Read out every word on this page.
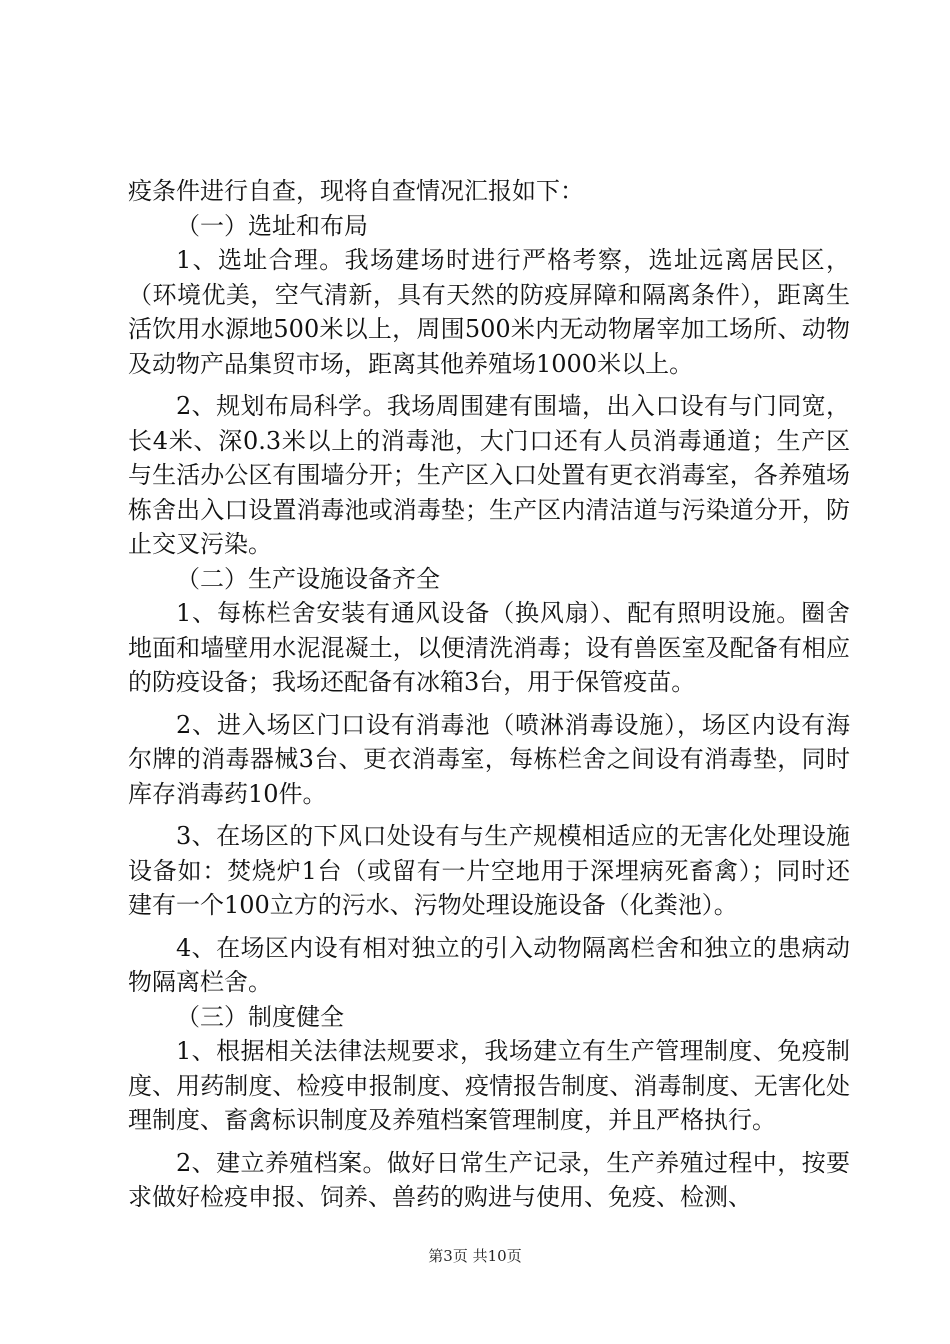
疫条件进行自查，现将自查情况汇报如下：

（一）选址和布局

1、选址合理。我场建场时进行严格考察，选址远离居民区，（环境优美，空气清新，具有天然的防疫屏障和隔离条件），距离生活饮用水源地500米以上，周围500米内无动物屠宰加工场所、动物及动物产品集贸市场，距离其他养殖场1000米以上。

2、规划布局科学。我场周围建有围墙，出入口设有与门同宽，长4米、深0.3米以上的消毒池，大门口还有人员消毒通道；生产区与生活办公区有围墙分开；生产区入口处置有更衣消毒室，各养殖场栋舍出入口设置消毒池或消毒垫；生产区内清洁道与污染道分开，防止交叉污染。

（二）生产设施设备齐全

1、每栋栏舍安装有通风设备（换风扇）、配有照明设施。圈舍地面和墙壁用水泥混凝土，以便清洗消毒；设有兽医室及配备有相应的防疫设备；我场还配备有冰箱3台，用于保管疫苗。

2、进入场区门口设有消毒池（喷淋消毒设施），场区内设有海尔牌的消毒器械3台、更衣消毒室，每栋栏舍之间设有消毒垫，同时库存消毒药10件。

3、在场区的下风口处设有与生产规模相适应的无害化处理设施设备如：焚烧炉1台（或留有一片空地用于深埋病死畜禽）；同时还建有一个100立方的污水、污物处理设施设备（化粪池）。

4、在场区内设有相对独立的引入动物隔离栏舍和独立的患病动物隔离栏舍。

（三）制度健全

1、根据相关法律法规要求，我场建立有生产管理制度、免疫制度、用药制度、检疫申报制度、疫情报告制度、消毒制度、无害化处理制度、畜禽标识制度及养殖档案管理制度，并且严格执行。

2、建立养殖档案。做好日常生产记录，生产养殖过程中，按要求做好检疫申报、饲养、兽药的购进与使用、免疫、检测、

第3页 共10页
